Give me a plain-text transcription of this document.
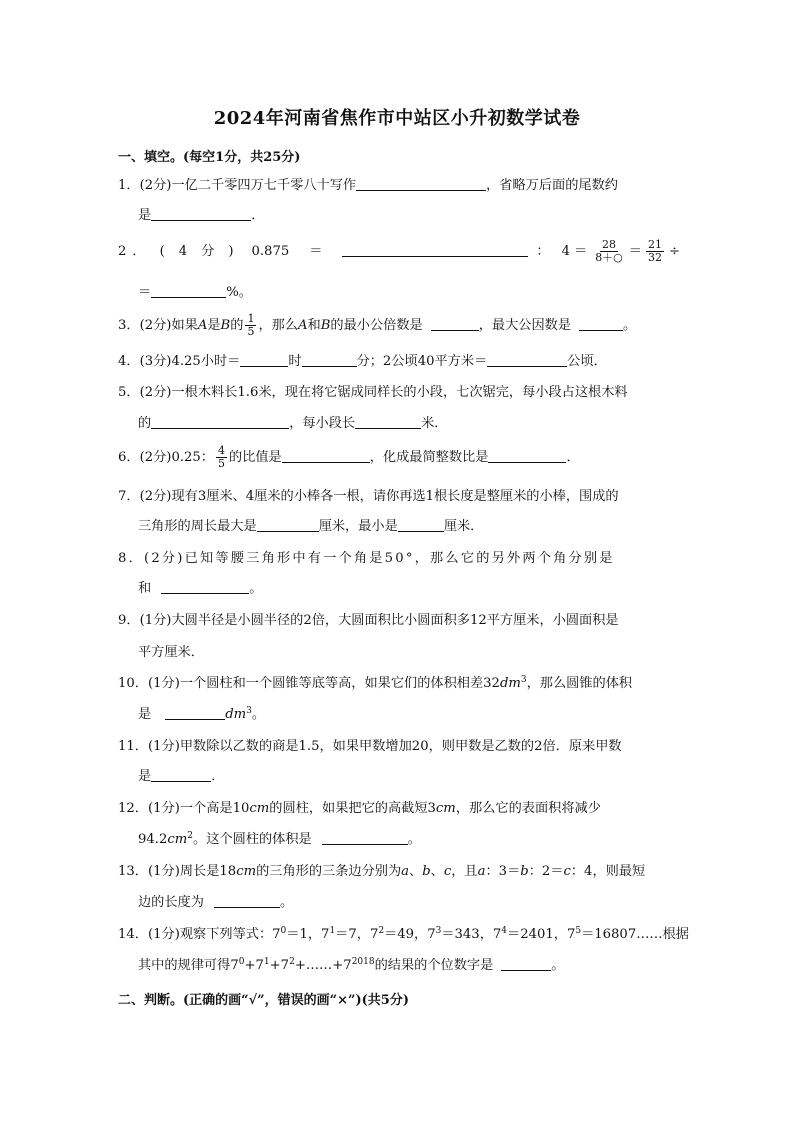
2024年河南省焦作市中站区小升初数学试卷
一、填空。(每空1分，共25分)
1．(2分)一亿二千零四万七千零八十写作	，省略万后面的尾数约
是	．
2 ． ( 4 分 ) 0.875 ＝	： $4 = \frac{28}{8+○} = \frac{21}{32}$ ÷
＝	%。
3．(2分)如果A是B的 $\frac{1}{5}$ ，那么A和B的最小公倍数是	，最大公因数是	。
4．(3分)4.25小时＝	时	分；2公顷40平方米＝	公顷．
5．(2分)一根木料长1.6米，现在将它锯成同样长的小段，七次锯完，每小段占这根木料
的	，每小段长	米．
6．(2分)0.25： $\frac{4}{5}$ 的比值是	，化成最简整数比是	．
7．(2分)现有3厘米、4厘米的小棒各一根，请你再选1根长度是整厘米的小棒，围成的
三角形的周长最大是	厘米，最小是	厘米．
8．(2分)已知等腰三角形中有一个角是50°，那么它的另外两个角分别是
和	。
9．(1分)大圆半径是小圆半径的2倍，大圆面积比小圆面积多12平方厘米，小圆面积是
平方厘米．
10．(1分)一个圆柱和一个圆锥等底等高，如果它们的体积相差$32dm^3$，那么圆锥的体积
是	$dm^3$。
11．(1分)甲数除以乙数的商是1.5，如果甲数增加20，则甲数是乙数的2倍．原来甲数
是	．
12．(1分)一个高是10cm的圆柱，如果把它的高截短3cm，那么它的表面积将减少
$94.2cm^2$。这个圆柱的体积是	。
13．(1分)周长是18cm的三角形的三条边分别为a、b、c，且a：3＝b：2＝c：4，则最短
边的长度为	。
14．(1分)观察下列等式：$7^0=1$，$7^1=7$，$7^2=49$，$7^3=343$，$7^4=2401$，$7^5=16807\dots\dots$根据
其中的规律可得$7^0+7^1+7^2+\dots\dots+7^{2018}$的结果的个位数字是	。
二、判断。(正确的画“√”，错误的画“×”)(共5分)
